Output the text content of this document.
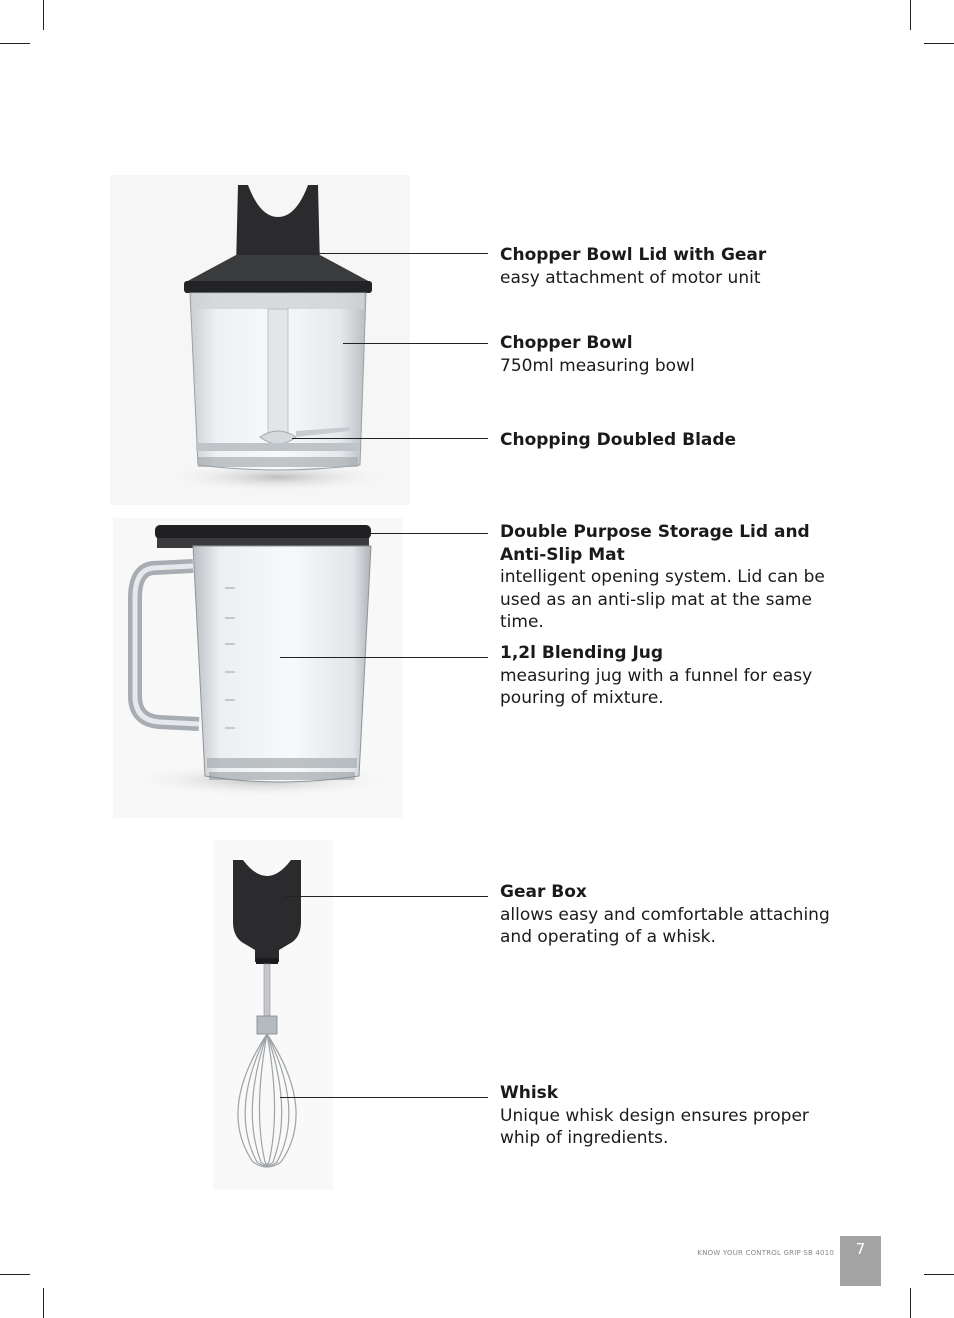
Chopper Bowl Lid with Gear
easy attachment of motor unit
Chopper Bowl
750ml measuring bowl
Chopping Doubled Blade
Double Purpose Storage Lid and Anti-Slip Mat
intelligent opening system. Lid can be used as an anti-slip mat at the same time.
1,2l Blending Jug
measuring jug with a funnel for easy pouring of mixture.
Gear Box
allows easy and comfortable attaching and operating of a whisk.
Whisk
Unique whisk design ensures proper whip of ingredients.
KNOW YOUR CONTROL GRIP SB 4010	7
